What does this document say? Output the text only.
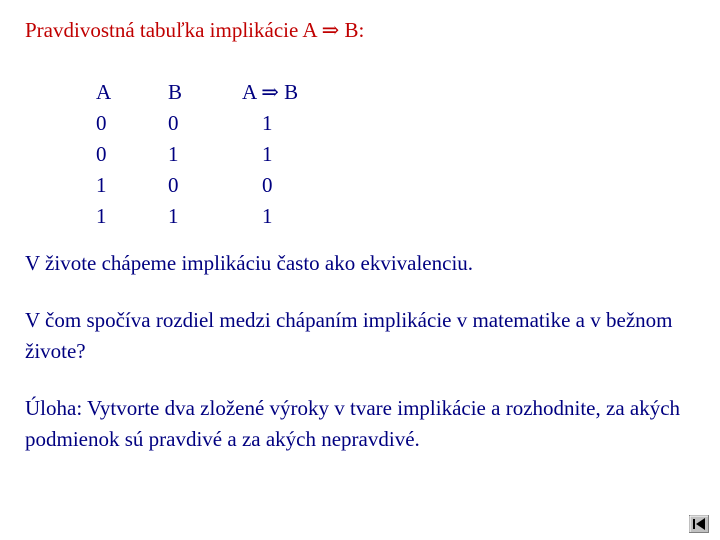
Pravdivostná tabuľka implikácie A ⇒ B:
A
0
0
1
1
B
0
1
0
1
A ⇒ B
1
1
0
1
V živote chápeme implikáciu často ako ekvivalenciu.
V čom spočíva rozdiel medzi chápaním implikácie v matematike a v bežnom živote?
Úloha: Vytvorte dva zložené výroky v tvare implikácie a rozhodnite, za akých podmienok sú pravdivé a za akých nepravdivé.
